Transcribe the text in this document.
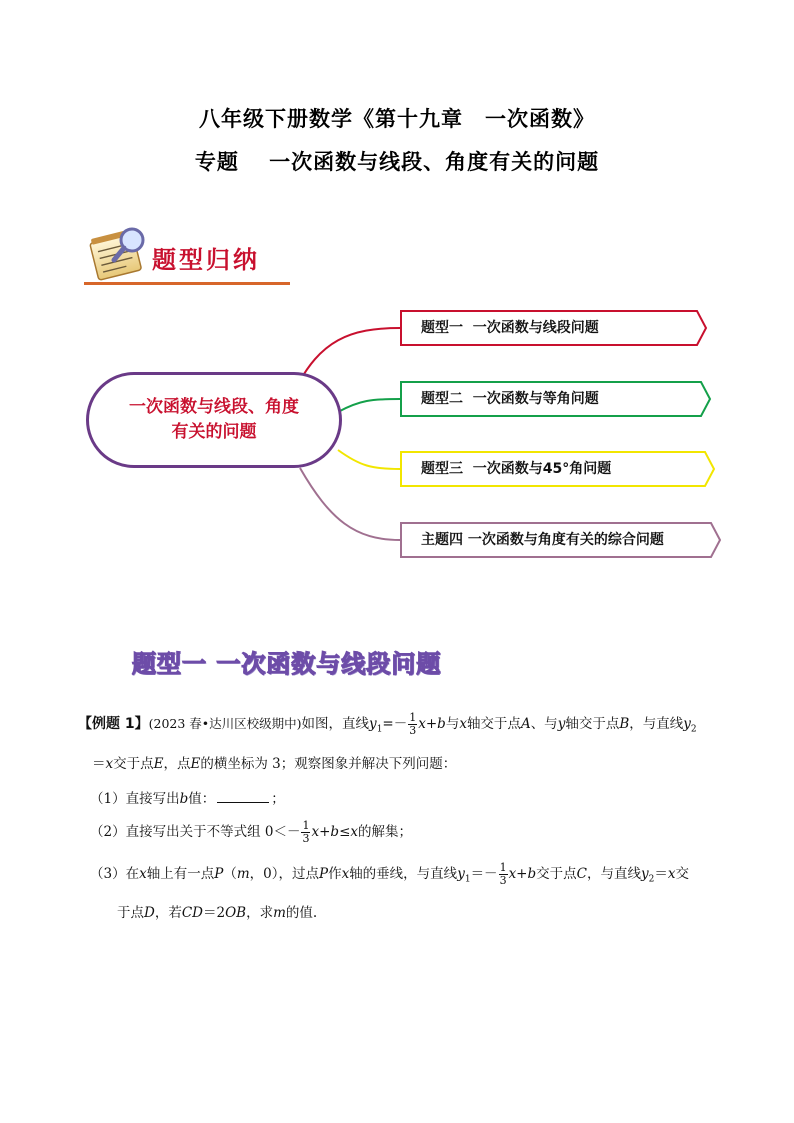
八年级下册数学《第十九章　一次函数》
专题　 一次函数与线段、角度有关的问题
题型归纳
一次函数与线段、角度
有关的问题
题型一  一次函数与线段问题
题型二  一次函数与等角问题
题型三  一次函数与45°角问题
主题四 一次函数与角度有关的综合问题
题型一 一次函数与线段问题
【例题 1】(2023 春•达川区校级期中)如图，直线$y_1=- \frac{1}{3} x+b$与x轴交于点A、与y轴交于点B，与直线$y_2$
＝x交于点E，点E的横坐标为 3；观察图象并解决下列问题：
（1）直接写出b值：	；
（2）直接写出关于不等式组 $0<- \frac{1}{3} x+b\le x$的解集；
（3）在x轴上有一点P（m，0），过点P作x轴的垂线，与直线$y_1=- \frac{1}{3} x+b$交于点C，与直线$y_2=x$交
于点D，若CD＝2OB，求m的值.
